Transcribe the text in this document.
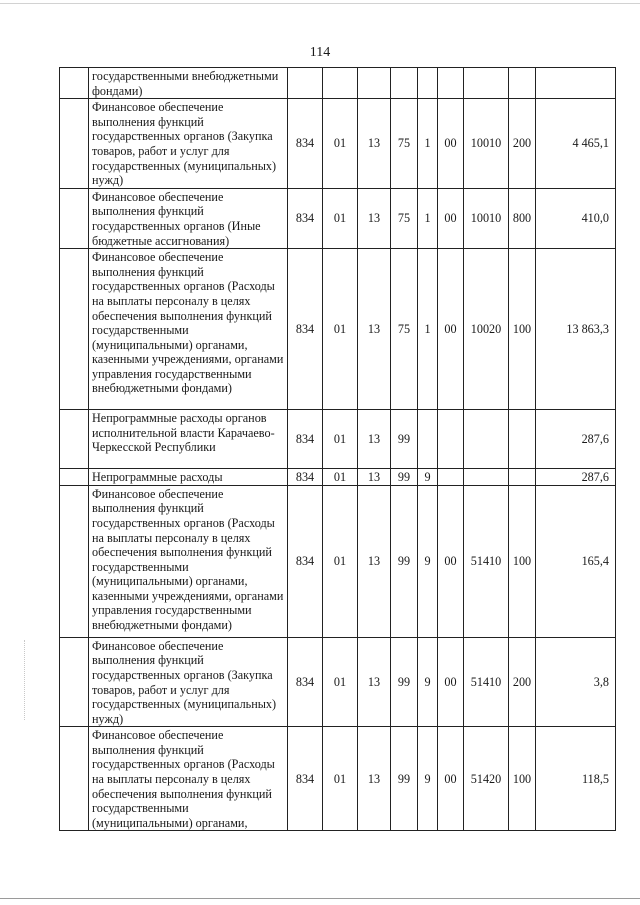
114
	государственными внебюджетными фондами)									
	Финансовое обеспечение выполнения функций государственных органов (Закупка товаров, работ и услуг для государственных (муниципальных) нужд)	834	01	13	75	1	00	10010	200	4 465,1
	Финансовое обеспечение выполнения функций государственных органов (Иные бюджетные ассигнования)	834	01	13	75	1	00	10010	800	410,0
	Финансовое обеспечение выполнения функций государственных органов (Расходы на выплаты персоналу в целях обеспечения выполнения функций государственными (муниципальными) органами, казенными учреждениями, органами управления государственными внебюджетными фондами)	834	01	13	75	1	00	10020	100	13 863,3
	Непрограммные расходы органов исполнительной власти Карачаево-Черкесской Республики	834	01	13	99					287,6
	Непрограммные расходы	834	01	13	99	9				287,6
	Финансовое обеспечение выполнения функций государственных органов (Расходы на выплаты персоналу в целях обеспечения выполнения функций государственными (муниципальными) органами, казенными учреждениями, органами управления государственными внебюджетными фондами)	834	01	13	99	9	00	51410	100	165,4
	Финансовое обеспечение выполнения функций государственных органов (Закупка товаров, работ и услуг для государственных (муниципальных) нужд)	834	01	13	99	9	00	51410	200	3,8
	Финансовое обеспечение выполнения функций государственных органов (Расходы на выплаты персоналу в целях обеспечения выполнения функций государственными (муниципальными) органами,	834	01	13	99	9	00	51420	100	118,5
